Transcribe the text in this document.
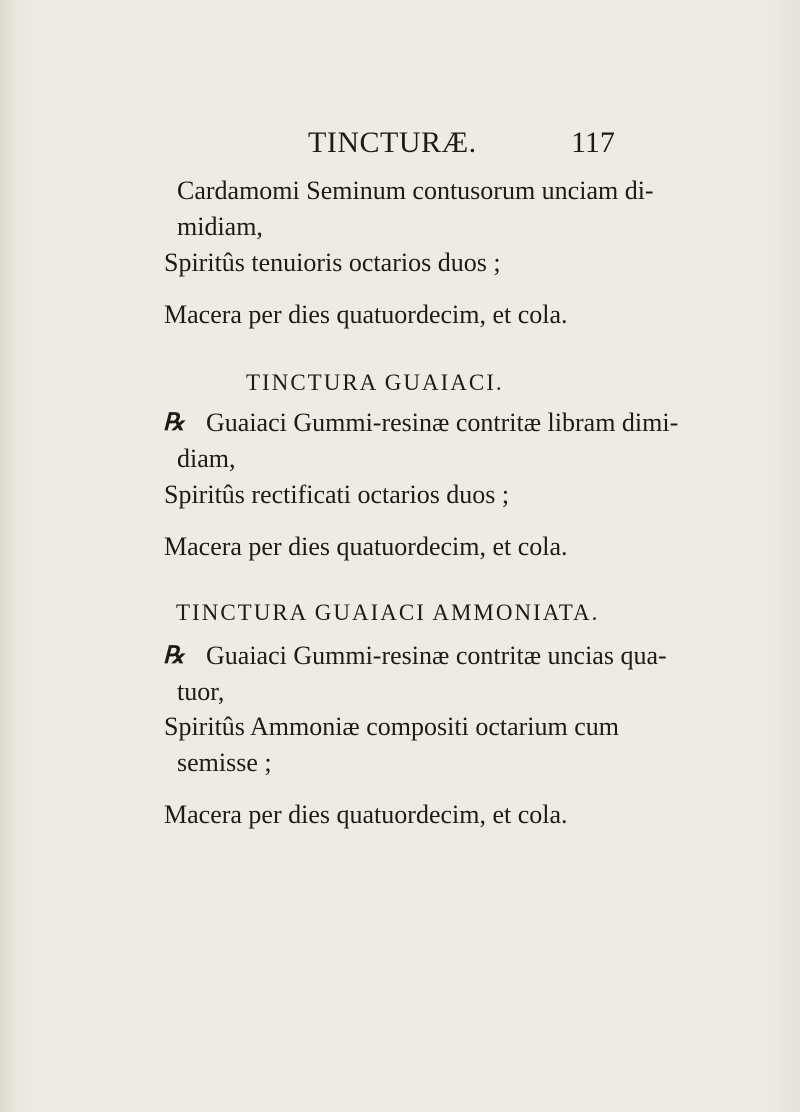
TINCTURÆ.	117
Cardamomi Seminum contusorum unciam di-
midiam,
Spiritûs tenuioris octarios duos ;
Macera per dies quatuordecim, et cola.
TINCTURA GUAIACI.
℞ Guaiaci Gummi-resinæ contritæ libram dimi-
diam,
Spiritûs rectificati octarios duos ;
Macera per dies quatuordecim, et cola.
TINCTURA GUAIACI AMMONIATA.
℞ Guaiaci Gummi-resinæ contritæ uncias qua-
tuor,
Spiritûs Ammoniæ compositi octarium cum
semisse ;
Macera per dies quatuordecim, et cola.
